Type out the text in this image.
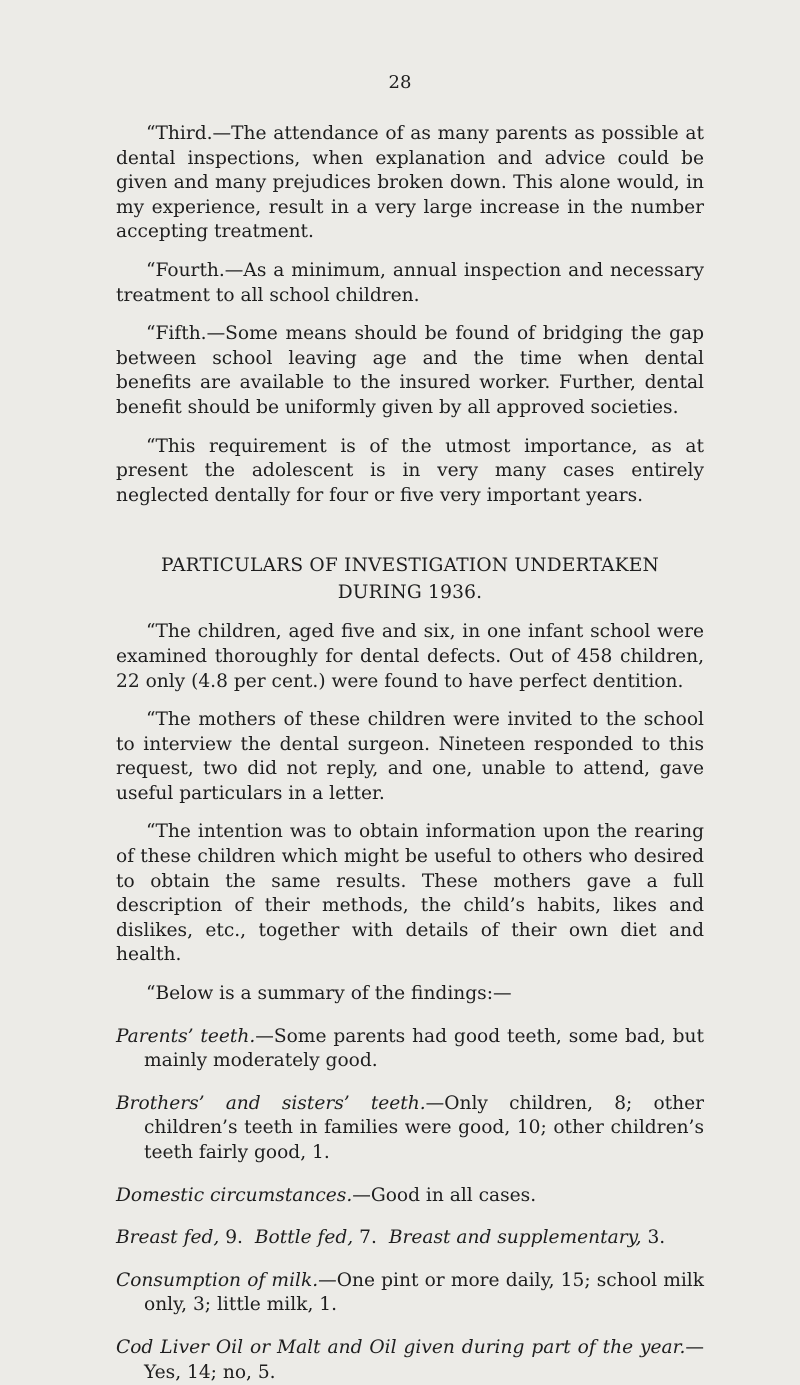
28

“Third.—The attendance of as many parents as possible at dental inspections, when explanation and advice could be given and many prejudices broken down. This alone would, in my experience, result in a very large increase in the number accepting treatment.

“Fourth.—As a minimum, annual inspection and necessary treatment to all school children.

“Fifth.—Some means should be found of bridging the gap between school leaving age and the time when dental benefits are available to the insured worker. Further, dental benefit should be uniformly given by all approved societies.

“This requirement is of the utmost importance, as at present the adolescent is in very many cases entirely neglected dentally for four or five very important years.

PARTICULARS OF INVESTIGATION UNDERTAKEN
DURING 1936.

“The children, aged five and six, in one infant school were examined thoroughly for dental defects. Out of 458 children, 22 only (4.8 per cent.) were found to have perfect dentition.

“The mothers of these children were invited to the school to interview the dental surgeon. Nineteen responded to this request, two did not reply, and one, unable to attend, gave useful particulars in a letter.

“The intention was to obtain information upon the rearing of these children which might be useful to others who desired to obtain the same results. These mothers gave a full description of their methods, the child’s habits, likes and dislikes, etc., together with details of their own diet and health.

“Below is a summary of the findings:—

Parents’ teeth.—Some parents had good teeth, some bad, but mainly moderately good.

Brothers’ and sisters’ teeth.—Only children, 8; other children’s teeth in families were good, 10; other children’s teeth fairly good, 1.

Domestic circumstances.—Good in all cases.

Breast fed, 9. Bottle fed, 7. Breast and supplementary, 3.

Consumption of milk.—One pint or more daily, 15; school milk only, 3; little milk, 1.

Cod Liver Oil or Malt and Oil given during part of the year.— Yes, 14; no, 5.
